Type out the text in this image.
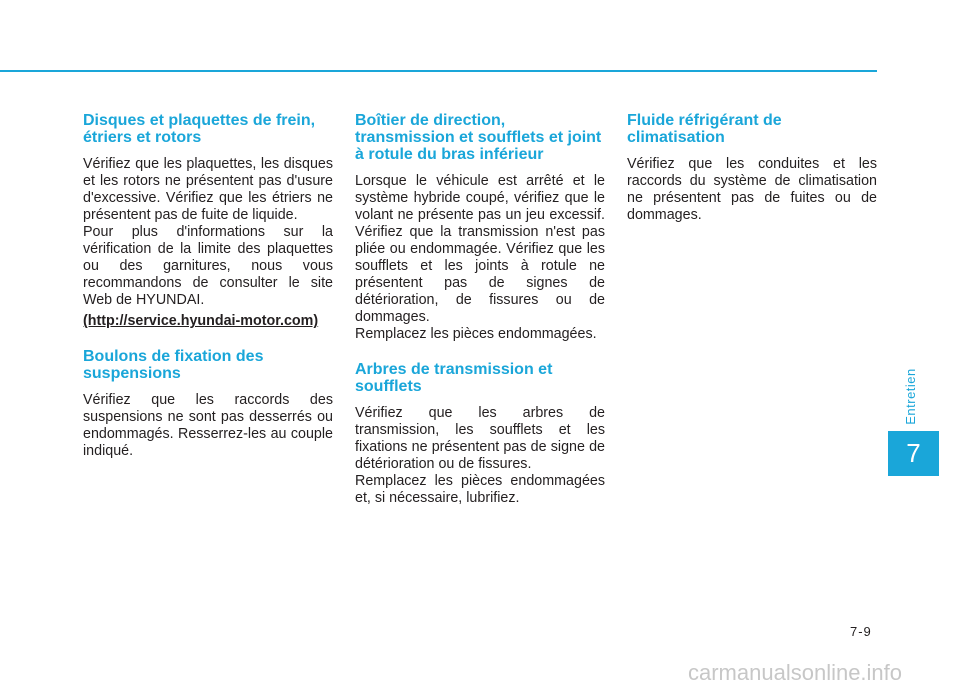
Disques et plaquettes de frein, étriers et rotors

Vérifiez que les plaquettes, les disques et les rotors ne présentent pas d'usure d'excessive. Vérifiez que les étriers ne présentent pas de fuite de liquide.

Pour plus d'informations sur la vérification de la limite des plaquettes ou des garnitures, nous vous recommandons de consulter le site Web de HYUNDAI.

(http://service.hyundai-motor.com)

Boulons de fixation des suspensions

Vérifiez que les raccords des suspensions ne sont pas desserrés ou endommagés. Resserrez-les au couple indiqué.

Boîtier de direction, transmission et soufflets et joint à rotule du bras inférieur

Lorsque le véhicule est arrêté et le système hybride coupé, vérifiez que le volant ne présente pas un jeu excessif. Vérifiez que la transmission n'est pas pliée ou endommagée. Vérifiez que les soufflets et les joints à rotule ne présentent pas de signes de détérioration, de fissures ou de dommages.

Remplacez les pièces endommagées.

Arbres de transmission et soufflets

Vérifiez que les arbres de transmission, les soufflets et les fixations ne présentent pas de signe de détérioration ou de fissures.

Remplacez les pièces endommagées et, si nécessaire, lubrifiez.

Fluide réfrigérant de climatisation

Vérifiez que les conduites et les raccords du système de climatisation ne présentent pas de fuites ou de dommages.

Entretien
7
7-9
carmanualsonline.info
